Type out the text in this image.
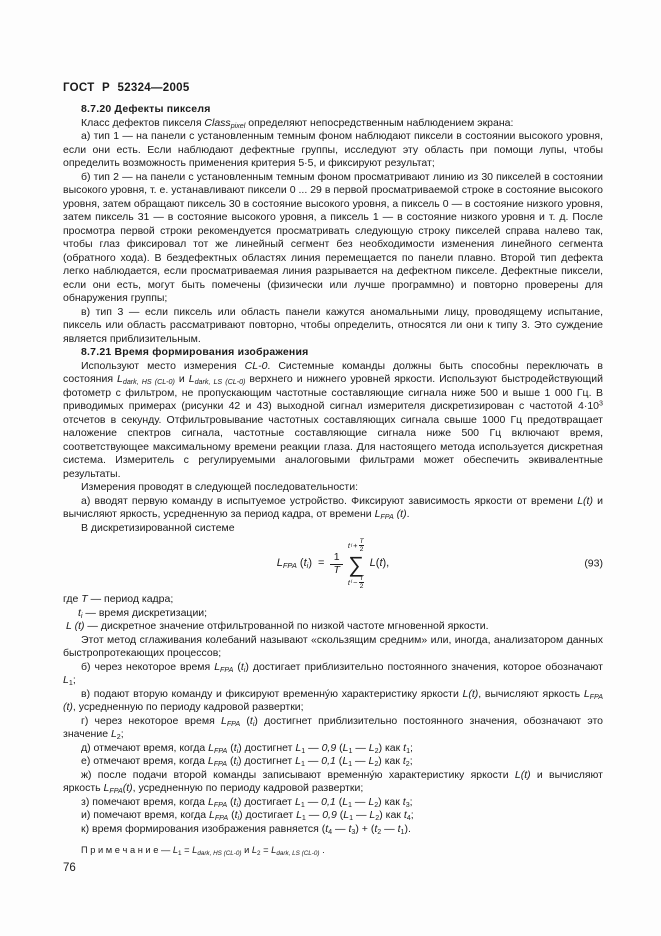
ГОСТ Р 52324—2005
8.7.20 Дефекты пикселя
Класс дефектов пикселя Class$_{pixel}$ определяют непосредственным наблюдением экрана:
а) тип 1 — на панели с установленным темным фоном наблюдают пиксели в состоянии высокого уровня, если они есть. Если наблюдают дефектные группы, исследуют эту область при помощи лупы, чтобы определить возможность применения критерия 5·5, и фиксируют результат;
б) тип 2 — на панели с установленным темным фоном просматривают линию из 30 пикселей в состоянии высокого уровня, т. е. устанавливают пиксели 0 ... 29 в первой просматриваемой строке в состояние высокого уровня, затем обращают пиксель 30 в состояние высокого уровня, а пиксель 0 — в состояние низкого уровня, затем пиксель 31 — в состояние высокого уровня, а пиксель 1 — в состояние низкого уровня и т. д. После просмотра первой строки рекомендуется просматривать следующую строку пикселей справа налево так, чтобы глаз фиксировал тот же линейный сегмент без необходимости изменения линейного сегмента (обратного хода). В бездефектных областях линия перемещается по панели плавно. Второй тип дефекта легко наблюдается, если просматриваемая линия разрывается на дефектном пикселе. Дефектные пиксели, если они есть, могут быть помечены (физически или лучше программно) и повторно проверены для обнаружения группы;
в) тип 3 — если пиксель или область панели кажутся аномальными лицу, проводящему испытание, пиксель или область рассматривают повторно, чтобы определить, относятся ли они к типу 3. Это суждение является приблизительным.
8.7.21 Время формирования изображения
Используют место измерения CL-0. Системные команды должны быть способны переключать в состояния $L_{dark, HS (CL-0)}$ и $L_{dark, LS (CL-0)}$ верхнего и нижнего уровней яркости. Используют быстродействующий фотометр с фильтром, не пропускающим частотные составляющие сигнала ниже 500 и выше 1 000 Гц. В приводимых примерах (рисунки 42 и 43) выходной сигнал измерителя дискретизирован с частотой $4\cdot 10^3$ отсчетов в секунду. Отфильтровывание частотных составляющих сигнала свыше 1000 Гц предотвращает наложение спектров сигнала, частотные составляющие сигнала ниже 500 Гц включают время, соответствующее максимальному времени реакции глаза. Для настоящего метода используется дискретная система. Измеритель с регулируемыми аналоговыми фильтрами может обеспечить эквивалентные результаты.
Измерения проводят в следующей последовательности:
а) вводят первую команду в испытуемое устройство. Фиксируют зависимость яркости от времени L(t) и вычисляют яркость, усредненную за период кадра, от времени $L_{FPA}$ (t).
В дискретизированной системе
$L_{FPA}$ $(t_i) = \frac{1}{T}$
t $i + \frac{T}{2}$
∑
t $i - \frac{T}{2}$
L(t),	(93)
где T — период кадра;
$t_i$ — время дискретизации;
L (t) — дискретное значение отфильтрованной по низкой частоте мгновенной яркости.
Этот метод сглаживания колебаний называют «скользящим средним» или, иногда, анализатором данных быстропротекающих процессов;
б) через некоторое время $L_{FPA}$ $(t_i)$ достигает приблизительно постоянного значения, которое обозначают $L_1$;
в) подают вторую команду и фиксируют временну́ю характеристику яркости L(t), вычисляют яркость $L_{FPA}$ (t), усредненную по периоду кадровой развертки;
г) через некоторое время $L_{FPA}$ $(t_i)$ достигнет приблизительно постоянного значения, обозначают это значение $L_2$;
д) отмечают время, когда $L_{FPA}$ $(t_i)$ достигнет $L_1$ — 0,9 ($L_1$ — $L_2$) как $t_1$;
е) отмечают время, когда $L_{FPA}$ $(t_i)$ достигнет $L_1$ — 0,1 ($L_1$ — $L_2$) как $t_2$;
ж) после подачи второй команды записывают временну́ю характеристику яркости L(t) и вычисляют яркость $L_{FPA}(t)$, усредненную по периоду кадровой развертки;
з) помечают время, когда $L_{FPA}$ $(t_i)$ достигает $L_1$ — 0,1 ($L_1$ — $L_2$) как $t_3$;
и) помечают время, когда $L_{FPA}$ $(t_i)$ достигает $L_1$ — 0,9 ($L_1$ — $L_2$) как $t_4$;
к) время формирования изображения равняется ($t_4$ — $t_3) + (t_2$ — $t_1$).
П р и м е ч а н и е — $L_1 = L_{dark, HS (CL-0)}$ и $L_2 = L_{dark, LS (CL-0)}$ .
76
